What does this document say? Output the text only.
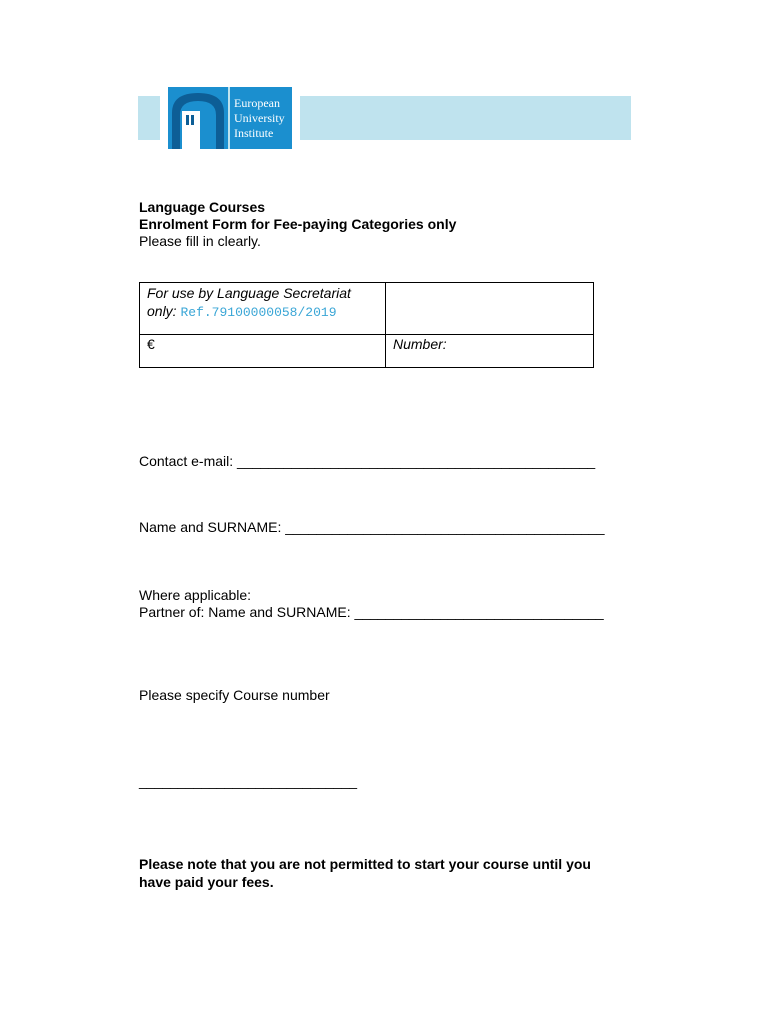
European
University
Institute
Language Courses
Enrolment Form for Fee-paying Categories only
Please fill in clearly.
For use by Language Secretariat
only: Ref.79100000058/2019
€	Number:
Contact e-mail: ______________________________________________
Name and SURNAME: _________________________________________
Where applicable:
Partner of: Name and SURNAME: ________________________________
Please specify Course number
____________________________
Please note that you are not permitted to start your course until you have paid your fees.
